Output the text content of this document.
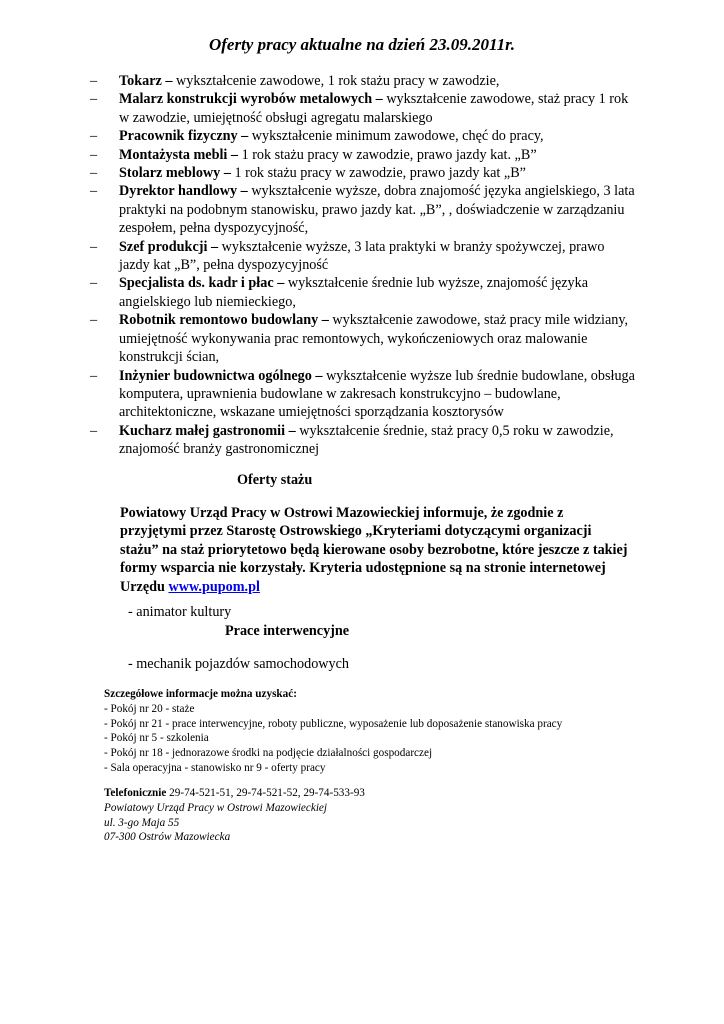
Oferty pracy aktualne na dzień 23.09.2011r.
– Tokarz – wykształcenie zawodowe, 1 rok stażu pracy w zawodzie,
– Malarz konstrukcji wyrobów metalowych – wykształcenie zawodowe, staż pracy 1 rok w zawodzie, umiejętność obsługi agregatu malarskiego
– Pracownik fizyczny – wykształcenie minimum zawodowe, chęć do pracy,
– Montażysta mebli – 1 rok stażu pracy w zawodzie, prawo jazdy kat. „B”
– Stolarz meblowy – 1 rok stażu pracy w zawodzie, prawo jazdy kat „B”
– Dyrektor handlowy – wykształcenie wyższe, dobra znajomość języka angielskiego, 3 lata praktyki na podobnym stanowisku, prawo jazdy kat. „B”, , doświadczenie w zarządzaniu zespołem, pełna dyspozycyjność,
– Szef produkcji – wykształcenie wyższe, 3 lata praktyki w branży spożywczej, prawo jazdy kat „B”, pełna dyspozycyjność
– Specjalista ds. kadr i płac – wykształcenie średnie lub wyższe, znajomość języka angielskiego lub niemieckiego,
– Robotnik remontowo budowlany – wykształcenie zawodowe, staż pracy mile widziany, umiejętność wykonywania prac remontowych, wykończeniowych oraz malowanie konstrukcji ścian,
– Inżynier budownictwa ogólnego – wykształcenie wyższe lub średnie budowlane, obsługa komputera, uprawnienia budowlane w zakresach konstrukcyjno – budowlane, architektoniczne, wskazane umiejętności sporządzania kosztorysów
– Kucharz małej gastronomii – wykształcenie średnie, staż pracy 0,5 roku w zawodzie, znajomość branży gastronomicznej
Oferty stażu
Powiatowy Urząd Pracy w Ostrowi Mazowieckiej informuje, że zgodnie z przyjętymi przez Starostę Ostrowskiego „Kryteriami dotyczącymi organizacji stażu” na staż priorytetowo będą kierowane osoby bezrobotne, które jeszcze z takiej formy wsparcia nie korzystały. Kryteria udostępnione są na stronie internetowej Urzędu www.pupom.pl
- animator kultury
Prace interwencyjne
- mechanik pojazdów samochodowych
Szczegółowe informacje można uzyskać:
- Pokój nr 20 - staże
- Pokój nr 21 - prace interwencyjne, roboty publiczne, wyposażenie lub doposażenie stanowiska pracy
- Pokój nr 5 - szkolenia
- Pokój nr 18 - jednorazowe środki na podjęcie działalności gospodarczej
- Sala operacyjna - stanowisko nr 9 - oferty pracy
Telefonicznie 29-74-521-51, 29-74-521-52, 29-74-533-93
Powiatowy Urząd Pracy w Ostrowi Mazowieckiej
ul. 3-go Maja 55
07-300 Ostrów Mazowiecka
